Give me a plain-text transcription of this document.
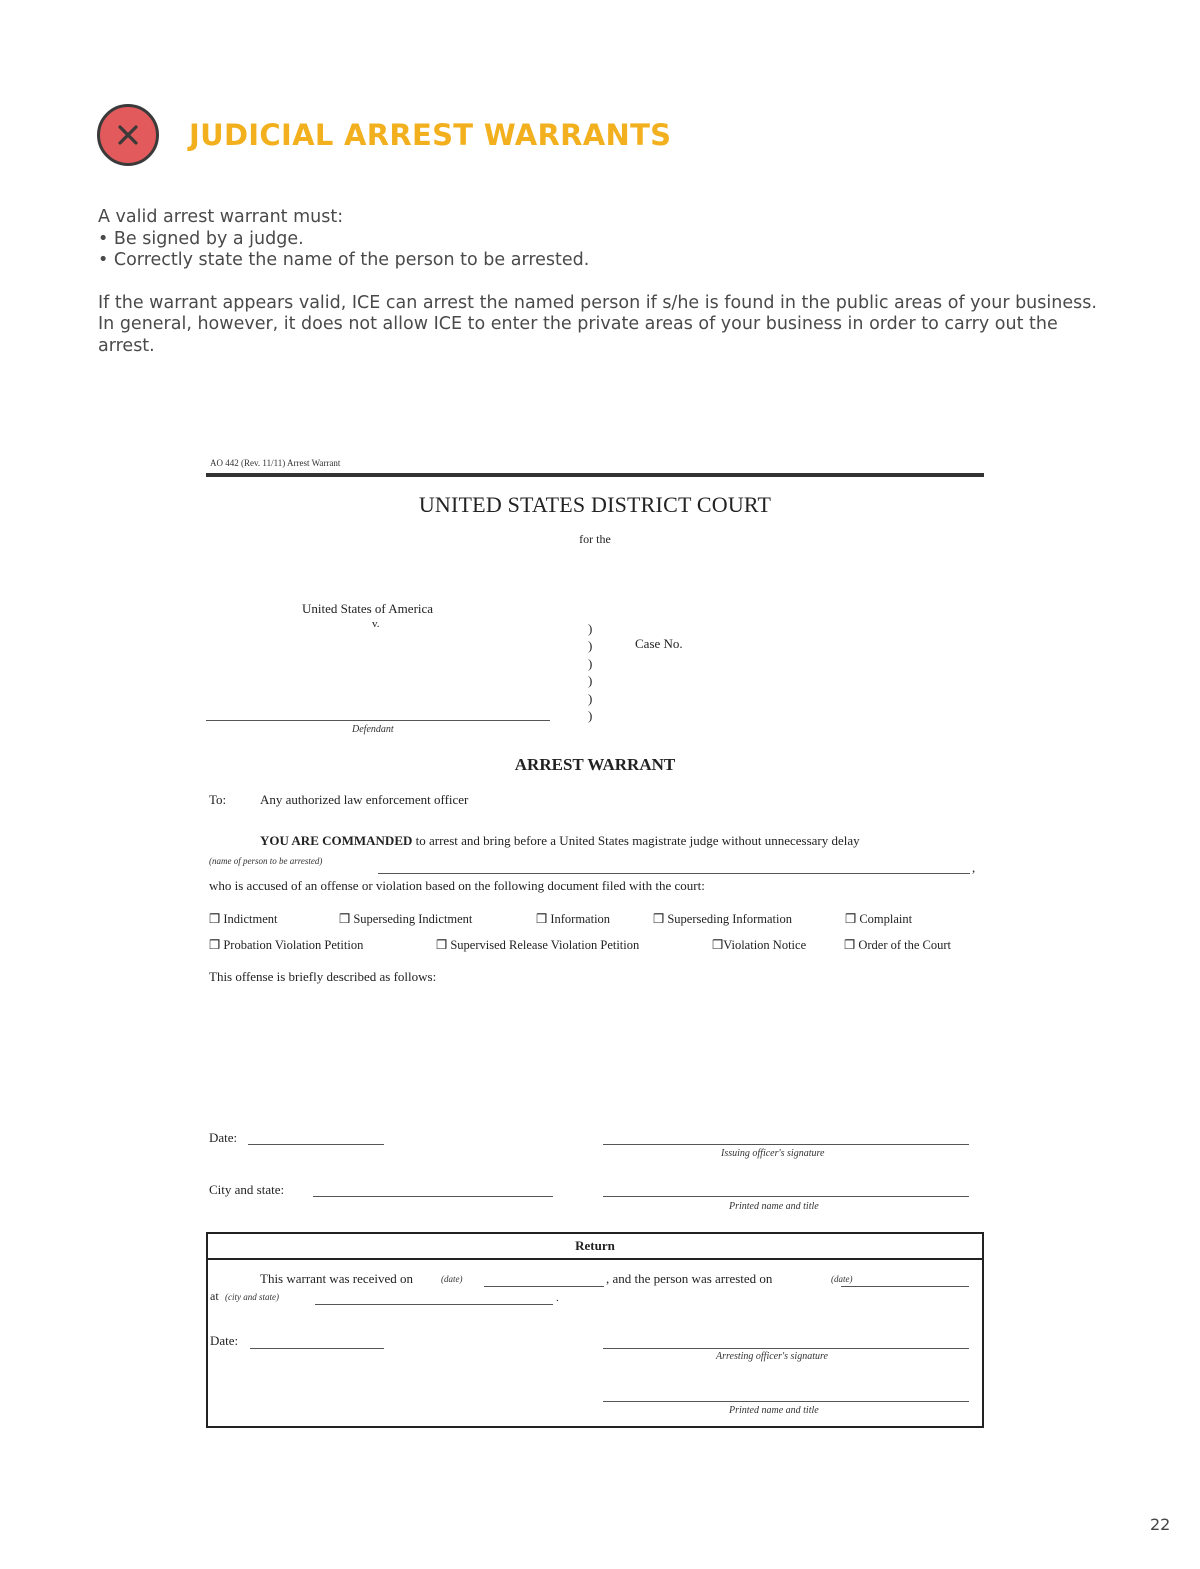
JUDICIAL ARREST WARRANTS

A valid arrest warrant must:

• Be signed by a judge.

• Correctly state the name of the person to be arrested.

If the warrant appears valid, ICE can arrest the named person if s/he is found in the public areas of your business. In general, however, it does not allow ICE to enter the private areas of your business in order to carry out the arrest.

AO 442 (Rev. 11/11) Arrest Warrant
UNITED STATES DISTRICT COURT
for the
United States of America
v.	)
)
)
)
)
)
Case No.
Defendant
ARREST WARRANT
To:	Any authorized law enforcement officer
YOU ARE COMMANDED to arrest and bring before a United States magistrate judge without unnecessary delay
(name of person to be arrested)	,
who is accused of an offense or violation based on the following document filed with the court:
❒ Indictment	❒ Superseding Indictment	❒ Information	❒ Superseding Information	❒ Complaint
❒ Probation Violation Petition	❒ Supervised Release Violation Petition	❒Violation Notice	❒ Order of the Court
This offense is briefly described as follows:
Date:
Issuing officer's signature
City and state:
Printed name and title
Return
This warrant was received on	(date)	, and the person was arrested on	(date)
at (city and state)	.
Date:
Arresting officer's signature
Printed name and title
22
